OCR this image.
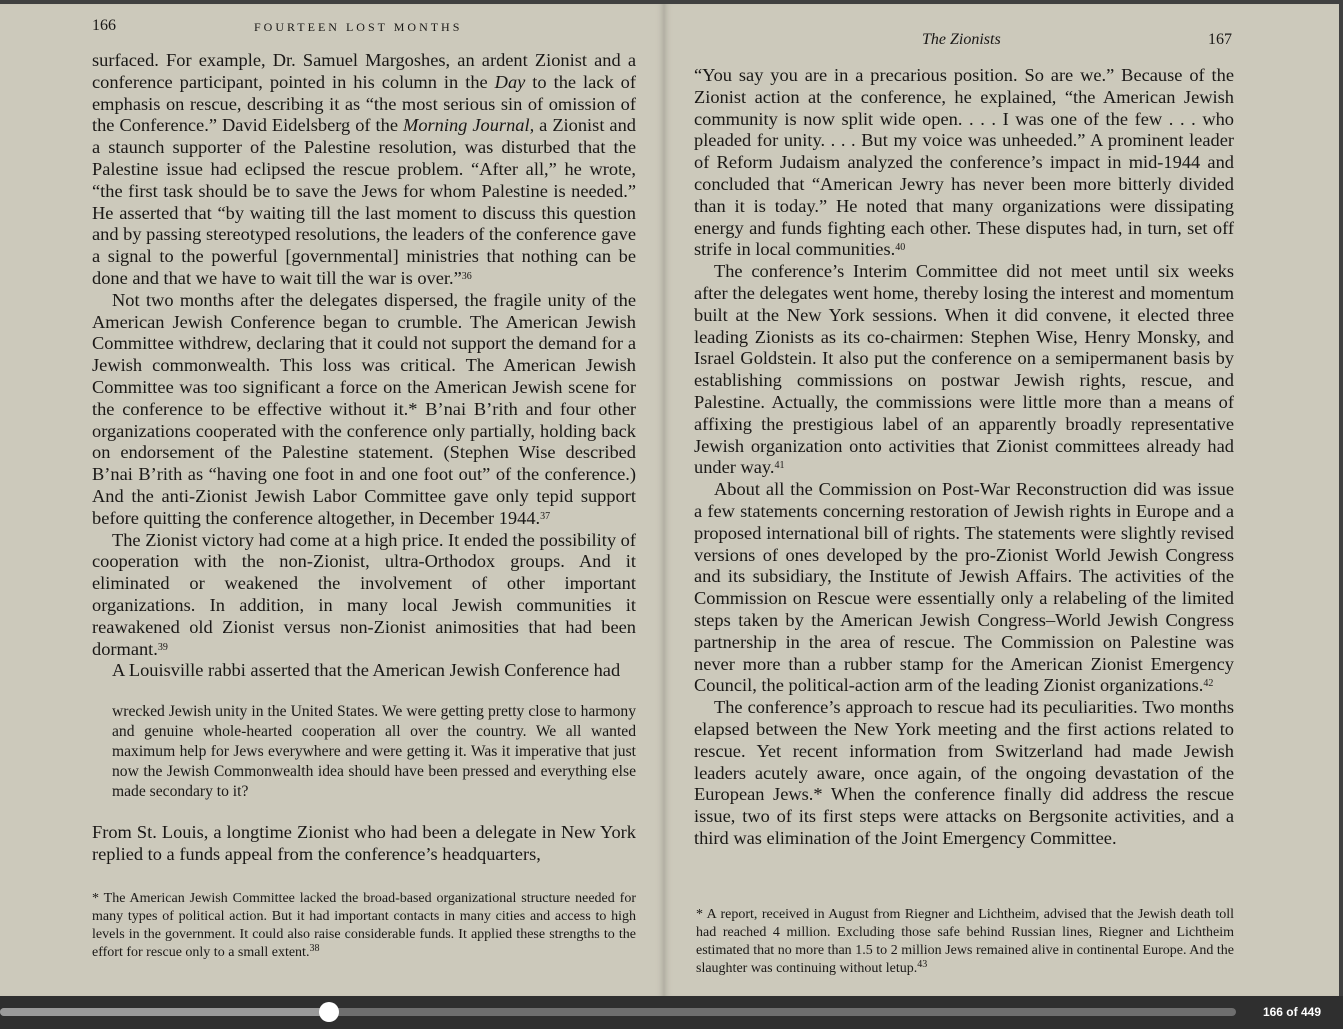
166	FOURTEEN LOST MONTHS

surfaced. For example, Dr. Samuel Margoshes, an ardent Zionist and a conference participant, pointed in his column in the Day to the lack of emphasis on rescue, describing it as “the most serious sin of omission of the Conference.” David Eidelsberg of the Morning Journal, a Zionist and a staunch supporter of the Palestine resolution, was disturbed that the Palestine issue had eclipsed the rescue problem. “After all,” he wrote, “the first task should be to save the Jews for whom Palestine is needed.” He asserted that “by waiting till the last moment to discuss this question and by passing stereotyped resolutions, the leaders of the conference gave a signal to the powerful [governmental] ministries that nothing can be done and that we have to wait till the war is over.”$^{36}$

Not two months after the delegates dispersed, the fragile unity of the American Jewish Conference began to crumble. The American Jewish Committee withdrew, declaring that it could not support the demand for a Jewish commonwealth. This loss was critical. The American Jewish Committee was too significant a force on the American Jewish scene for the conference to be effective without it.* B’nai B’rith and four other organizations cooperated with the conference only partially, holding back on endorsement of the Palestine statement. (Stephen Wise described B’nai B’rith as “having one foot in and one foot out” of the conference.) And the anti-Zionist Jewish Labor Committee gave only tepid support before quitting the conference altogether, in December 1944.37

The Zionist victory had come at a high price. It ended the possibility of cooperation with the non-Zionist, ultra-Orthodox groups. And it eliminated or weakened the involvement of other important organizations. In addition, in many local Jewish communities it reawakened old Zionist versus non-Zionist animosities that had been dormant.$^{39}$

A Louisville rabbi asserted that the American Jewish Conference had

wrecked Jewish unity in the United States. We were getting pretty close to harmony and genuine whole-hearted cooperation all over the country. We all wanted maximum help for Jews everywhere and were getting it. Was it imperative that just now the Jewish Commonwealth idea should have been pressed and everything else made secondary to it?

From St. Louis, a longtime Zionist who had been a delegate in New York replied to a funds appeal from the conference’s headquarters,

* The American Jewish Committee lacked the broad-based organizational structure needed for many types of political action. But it had important contacts in many cities and access to high levels in the government. It could also raise considerable funds. It applied these strengths to the effort for rescue only to a small extent.$^{38}$
The Zionists	167

“You say you are in a precarious position. So are we.” Because of the Zionist action at the conference, he explained, “the American Jewish community is now split wide open. . . . I was one of the few . . . who pleaded for unity. . . . But my voice was unheeded.” A prominent leader of Reform Judaism analyzed the conference’s impact in mid-1944 and concluded that “American Jewry has never been more bitterly divided than it is today.” He noted that many organizations were dissipating energy and funds fighting each other. These disputes had, in turn, set off strife in local communities.$^{40}$

The conference’s Interim Committee did not meet until six weeks after the delegates went home, thereby losing the interest and momentum built at the New York sessions. When it did convene, it elected three leading Zionists as its co-chairmen: Stephen Wise, Henry Monsky, and Israel Goldstein. It also put the conference on a semipermanent basis by establishing commissions on postwar Jewish rights, rescue, and Palestine. Actually, the commissions were little more than a means of affixing the prestigious label of an apparently broadly representative Jewish organization onto activities that Zionist committees already had under way.$^{41}$

About all the Commission on Post-War Reconstruction did was issue a few statements concerning restoration of Jewish rights in Europe and a proposed international bill of rights. The statements were slightly revised versions of ones developed by the pro-Zionist World Jewish Congress and its subsidiary, the Institute of Jewish Affairs. The activities of the Commission on Rescue were essentially only a relabeling of the limited steps taken by the American Jewish Congress–World Jewish Congress partnership in the area of rescue. The Commission on Palestine was never more than a rubber stamp for the American Zionist Emergency Council, the political-action arm of the leading Zionist organizations.$^{42}$

The conference’s approach to rescue had its peculiarities. Two months elapsed between the New York meeting and the first actions related to rescue. Yet recent information from Switzerland had made Jewish leaders acutely aware, once again, of the ongoing devastation of the European Jews.* When the conference finally did address the rescue issue, two of its first steps were attacks on Bergsonite activities, and a third was elimination of the Joint Emergency Committee.

* A report, received in August from Riegner and Lichtheim, advised that the Jewish death toll had reached 4 million. Excluding those safe behind Russian lines, Riegner and Lichtheim estimated that no more than 1.5 to 2 million Jews remained alive in continental Europe. And the slaughter was continuing without letup.$^{43}$
166 of 449
